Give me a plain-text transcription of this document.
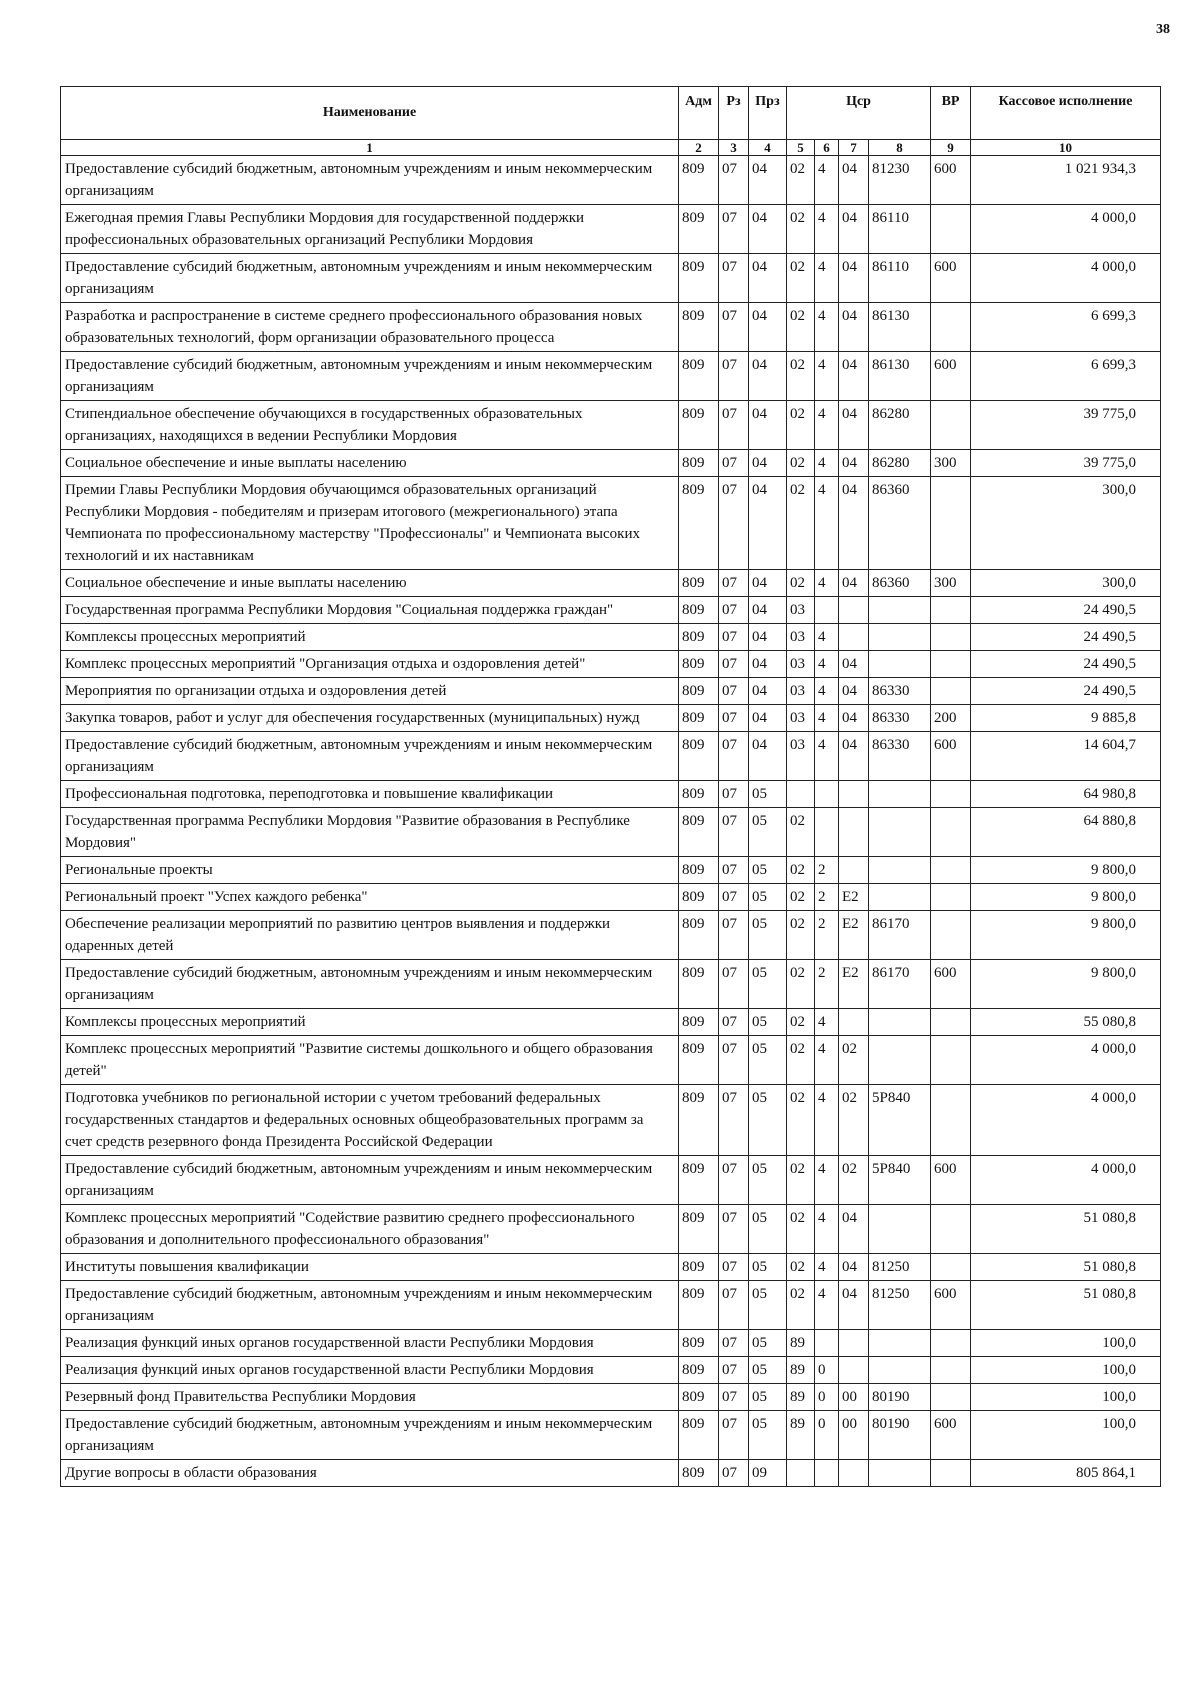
38
Наименование	Адм	Рз	Прз	Цср				ВР	Кассовое исполнение
1	2	3	4	5	6	7	8	9	10
Предоставление субсидий бюджетным, автономным учреждениям и иным некоммерческим организациям	809	07	04	02	4	04	81230	600	1 021 934,3
Ежегодная премия Главы Республики Мордовия для государственной поддержки профессиональных образовательных организаций Республики Мордовия	809	07	04	02	4	04	86110		4 000,0
Предоставление субсидий бюджетным, автономным учреждениям и иным некоммерческим организациям	809	07	04	02	4	04	86110	600	4 000,0
Разработка и распространение в системе среднего профессионального образования новых образовательных технологий, форм организации образовательного процесса	809	07	04	02	4	04	86130		6 699,3
Предоставление субсидий бюджетным, автономным учреждениям и иным некоммерческим организациям	809	07	04	02	4	04	86130	600	6 699,3
Стипендиальное обеспечение обучающихся в государственных образовательных организациях, находящихся в ведении Республики Мордовия	809	07	04	02	4	04	86280		39 775,0
Социальное обеспечение и иные выплаты населению	809	07	04	02	4	04	86280	300	39 775,0
Премии Главы Республики Мордовия обучающимся образовательных организаций Республики Мордовия - победителям и призерам итогового (межрегионального) этапа Чемпионата по профессиональному мастерству "Профессионалы" и Чемпионата высоких технологий и их наставникам	809	07	04	02	4	04	86360		300,0
Социальное обеспечение и иные выплаты населению	809	07	04	02	4	04	86360	300	300,0
Государственная программа Республики Мордовия "Социальная поддержка граждан"	809	07	04	03					24 490,5
Комплексы процессных мероприятий	809	07	04	03	4				24 490,5
Комплекс процессных мероприятий "Организация отдыха и оздоровления детей"	809	07	04	03	4	04			24 490,5
Мероприятия по организации отдыха и оздоровления детей	809	07	04	03	4	04	86330		24 490,5
Закупка товаров, работ и услуг для обеспечения государственных (муниципальных) нужд	809	07	04	03	4	04	86330	200	9 885,8
Предоставление субсидий бюджетным, автономным учреждениям и иным некоммерческим организациям	809	07	04	03	4	04	86330	600	14 604,7
Профессиональная подготовка, переподготовка и повышение квалификации	809	07	05						64 980,8
Государственная программа Республики Мордовия "Развитие образования в Республике Мордовия"	809	07	05	02					64 880,8
Региональные проекты	809	07	05	02	2				9 800,0
Региональный проект "Успех каждого ребенка"	809	07	05	02	2	E2			9 800,0
Обеспечение реализации мероприятий по развитию центров выявления и поддержки одаренных детей	809	07	05	02	2	E2	86170		9 800,0
Предоставление субсидий бюджетным, автономным учреждениям и иным некоммерческим организациям	809	07	05	02	2	E2	86170	600	9 800,0
Комплексы процессных мероприятий	809	07	05	02	4				55 080,8
Комплекс процессных мероприятий "Развитие системы дошкольного и общего образования детей"	809	07	05	02	4	02			4 000,0
Подготовка учебников по региональной истории с учетом требований федеральных государственных стандартов и федеральных основных общеобразовательных программ за счет средств резервного фонда Президента Российской Федерации	809	07	05	02	4	02	5P840		4 000,0
Предоставление субсидий бюджетным, автономным учреждениям и иным некоммерческим организациям	809	07	05	02	4	02	5P840	600	4 000,0
Комплекс процессных мероприятий "Содействие развитию среднего профессионального образования и дополнительного профессионального образования"	809	07	05	02	4	04			51 080,8
Институты повышения квалификации	809	07	05	02	4	04	81250		51 080,8
Предоставление субсидий бюджетным, автономным учреждениям и иным некоммерческим организациям	809	07	05	02	4	04	81250	600	51 080,8
Реализация функций иных органов государственной власти Республики Мордовия	809	07	05	89					100,0
Реализация функций иных органов государственной власти Республики Мордовия	809	07	05	89	0				100,0
Резервный фонд Правительства Республики Мордовия	809	07	05	89	0	00	80190		100,0
Предоставление субсидий бюджетным, автономным учреждениям и иным некоммерческим организациям	809	07	05	89	0	00	80190	600	100,0
Другие вопросы в области образования	809	07	09						805 864,1
